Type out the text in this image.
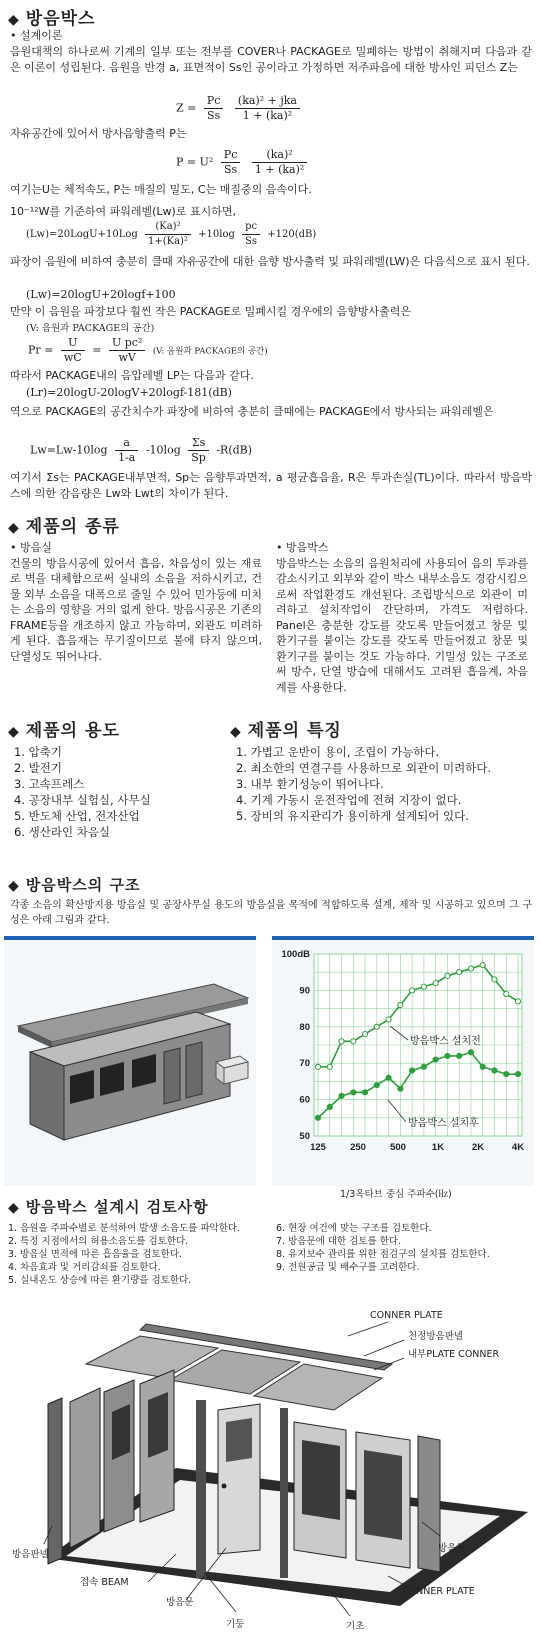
◆ 방음박스
• 설계이론
음원대책의 하나로써 기계의 일부 또는 전부를 COVER나 PACKAGE로 밀폐하는 방법이 취해지며 다음과 같은 이론이 성립된다. 음원을 반경 a, 표면적이 Ss인 공이라고 가정하면 저주파음에 대한 방사인 피던스 Z는
$Z = \frac{Pc}{Ss}$
$\frac{\text{(ka)² + jka}}{\text{1 + (ka)²}}$
자유공간에 있어서 방사음향출력 P는
$P = U^2 \frac{Pc}{Ss}$
$\frac{\text{(ka)²}}{\text{1 + (ka)²}}$
여기는U는 체적속도, P는 매질의 밀도, C는 매질중의 음속이다.
10⁻¹²W를 기준하여 파워레벨(Lw)로 표시하면,
(Lw)=20LogU+10Log $\frac{\text{(Ka)²}}{\text{1+(Ka)²}} +10\log \frac{pc}{Ss} +120(dB)$
파장이 음원에 비하여 충분히 클때 자유공간에 대한 음향 방사출력 및 파워레벨(LW)은 다음식으로 표시 된다.
(Lw)=20logU+20logf+100
만약 이 음원을 파장보다 훨씬 작은 PACKAGE로 밀폐시킬 경우에의 음향방사출력은
(V: 음원과 PACKAGE의 공간)
$Pr = \frac{U}{wC} = \frac{\text{U pc²}}{wV} (V$: 음원과 PACKAGE의 공간)
따라서 PACKAGE내의 음압레벨 LP는 다음과 같다.
(Lr)=20logU-20logV+20logf-181(dB)
역으로 PACKAGE의 공간치수가 파장에 비하여 충분히 클때에는 PACKAGE에서 방사되는 파워레벨은
$Lw=Lw-10\log \frac{a}{1-a} -10\log \frac{\Sigma s}{Sp} -R(dB)$
여기서 Σs는 PACKAGE내부면적, Sp는 음향투과면적, a 평균흡음율, R은 투과손실(TL)이다. 따라서 방음박스에 의한 감음량은 Lw와 Lwt의 차이가 된다.
◆ 제품의 종류
• 방음실
건물의 방음시공에 있어서 흡음, 차음성이 있는 재료로 벽을 대체함으로써 실내의 소음을 저하시키고, 건물 외부 소음을 대폭으로 줄일 수 있어 민가등에 미치는 소음의 영향을 거의 없게 한다. 방음시공은 기존의 FRAME등을 개조하지 않고 가능하며, 외관도 미려하게 된다. 흡음재는 무기질이므로 불에 타지 않으며, 단열성도 뛰어나다.
• 방음박스
방음박스는 소음의 음원처리에 사용되어 음의 투과를 감소시키고 외부와 같이 박스 내부소음도 경감시킴으로써 작업환경도 개선된다. 조립방식으로 외관이 미려하고 설치작업이 간단하며, 가격도 저렴하다. Panel은 충분한 강도를 갖도록 만들어졌고 창문 및 환기구를 붙이는 강도를 갖도록 만들어졌고 창문 및 환기구를 붙이는 것도 가능하다. 기밀성 있는 구조로써 방수, 단열 방습에 대해서도 고려된 흡음계, 차음계를 사용한다.
◆ 제품의 용도
1. 압축기
2. 발전기
3. 고속프레스
4. 공장내부 실험실, 사무실
5. 반도체 산업, 전자산업
6. 생산라인 차음실
◆ 제품의 특징
1. 가볍고 운반이 용이, 조립이 가능하다.
2. 최소한의 연결구를 사용하므로 외관이 미려하다.
3. 내부 환기성능이 뛰어나다.
4. 기계 가동시 운전작업에 전혀 지장이 없다.
5. 장비의 유지관리가 용이하게 설계되어 있다.
◆ 방음박스의 구조
각종 소음의 확산방지용 방음실 및 공장사무실 용도의 방음실을 목적에 적합하도록 설계, 제작 및 시공하고 있으며 그 구성은 아래 그림과 같다.
50
60
70
80
90
100dB
125	250	500	1K	2K	4K
방음박스 설치전
방음박스 설치후
1/3옥타브 중심 주파수(㎐)
◆ 방음박스 설계시 검토사항
1. 음원을 주파수별로 분석하여 발생 소음도를 파악한다.
2. 특정 지점에서의 허용소음도를 검토한다.
3. 방음실 면적에 따른 흡음율을 검토한다.
4. 차음효과 및 거리감쇠를 검토한다.
5. 실내온도 상승에 따른 환기량을 검토한다.
6. 현장 여건에 맞는 구조를 검토한다.
7. 방음문에 대한 검토를 한다.
8. 유지보수 관리를 위한 점검구의 설치를 검토한다.
9. 전원공급 및 배수구를 고려한다.
CONNER PLATE
천정방음판넬
내부PLATE CONNER
방음판넬
방음창
접속 BEAM
방음문
CONNER PLATE
기둥	기초
